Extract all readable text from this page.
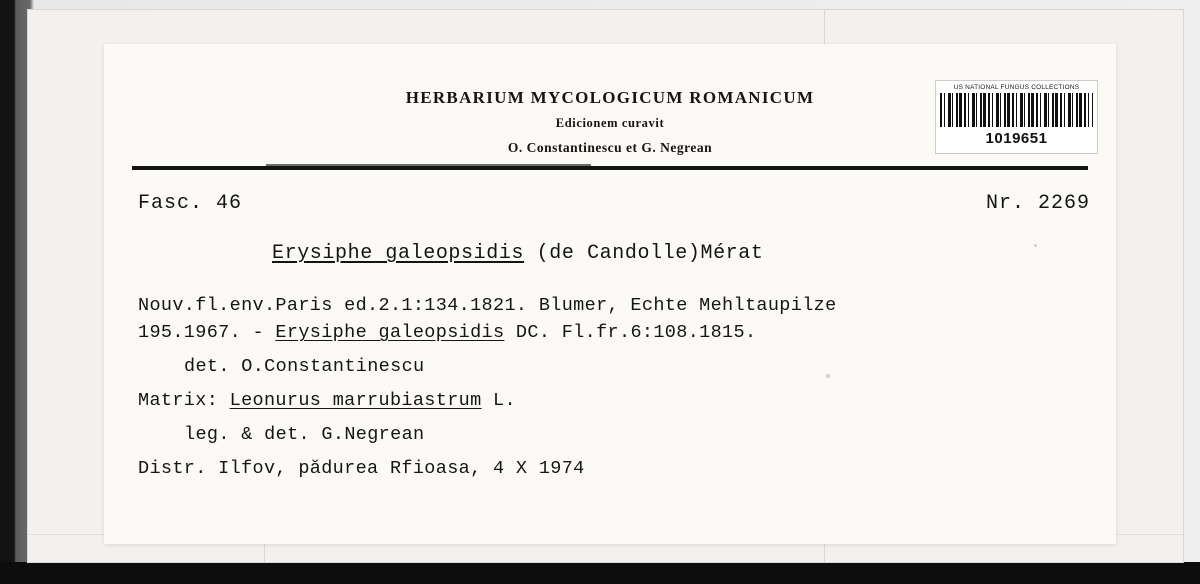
HERBARIUM MYCOLOGICUM ROMANICUM
Edicionem curavit
O. Constantinescu et G. Negrean
US NATIONAL FUNGUS COLLECTIONS
1019651
Fasc. 46	Nr. 2269
Erysiphe galeopsidis (de Candolle)Mérat
Nouv.fl.env.Paris ed.2.1:134.1821. Blumer, Echte Mehltaupilze
195.1967. - Erysiphe galeopsidis DC. Fl.fr.6:108.1815.
det. O.Constantinescu
Matrix: Leonurus marrubiastrum L.
leg. & det. G.Negrean
Distr. Ilfov, pădurea Rfioasa, 4 X 1974
